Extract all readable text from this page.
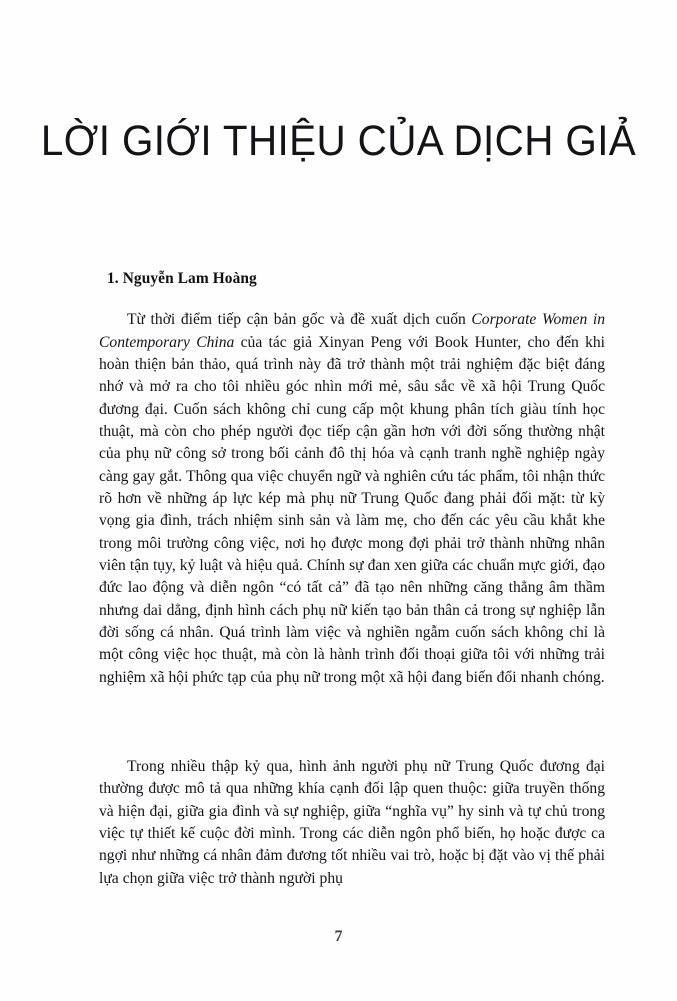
LỜI GIỚI THIỆU CỦA DỊCH GIẢ
1. Nguyễn Lam Hoàng

Từ thời điểm tiếp cận bản gốc và đề xuất dịch cuốn Corporate Women in Contemporary China của tác giả Xinyan Peng với Book Hunter, cho đến khi hoàn thiện bản thảo, quá trình này đã trở thành một trải nghiệm đặc biệt đáng nhớ và mở ra cho tôi nhiều góc nhìn mới mẻ, sâu sắc về xã hội Trung Quốc đương đại. Cuốn sách không chỉ cung cấp một khung phân tích giàu tính học thuật, mà còn cho phép người đọc tiếp cận gần hơn với đời sống thường nhật của phụ nữ công sở trong bối cảnh đô thị hóa và cạnh tranh nghề nghiệp ngày càng gay gắt. Thông qua việc chuyển ngữ và nghiên cứu tác phẩm, tôi nhận thức rõ hơn về những áp lực kép mà phụ nữ Trung Quốc đang phải đối mặt: từ kỳ vọng gia đình, trách nhiệm sinh sản và làm mẹ, cho đến các yêu cầu khắt khe trong môi trường công việc, nơi họ được mong đợi phải trở thành những nhân viên tận tụy, kỷ luật và hiệu quả. Chính sự đan xen giữa các chuẩn mực giới, đạo đức lao động và diễn ngôn “có tất cả” đã tạo nên những căng thẳng âm thầm nhưng dai dẳng, định hình cách phụ nữ kiến tạo bản thân cả trong sự nghiệp lẫn đời sống cá nhân. Quá trình làm việc và nghiền ngẫm cuốn sách không chỉ là một công việc học thuật, mà còn là hành trình đối thoại giữa tôi với những trải nghiệm xã hội phức tạp của phụ nữ trong một xã hội đang biến đổi nhanh chóng.

Trong nhiều thập kỷ qua, hình ảnh người phụ nữ Trung Quốc đương đại thường được mô tả qua những khía cạnh đối lập quen thuộc: giữa truyền thống và hiện đại, giữa gia đình và sự nghiệp, giữa “nghĩa vụ” hy sinh và tự chủ trong việc tự thiết kế cuộc đời mình. Trong các diễn ngôn phổ biến, họ hoặc được ca ngợi như những cá nhân đảm đương tốt nhiều vai trò, hoặc bị đặt vào vị thế phải lựa chọn giữa việc trở thành người phụ

7
